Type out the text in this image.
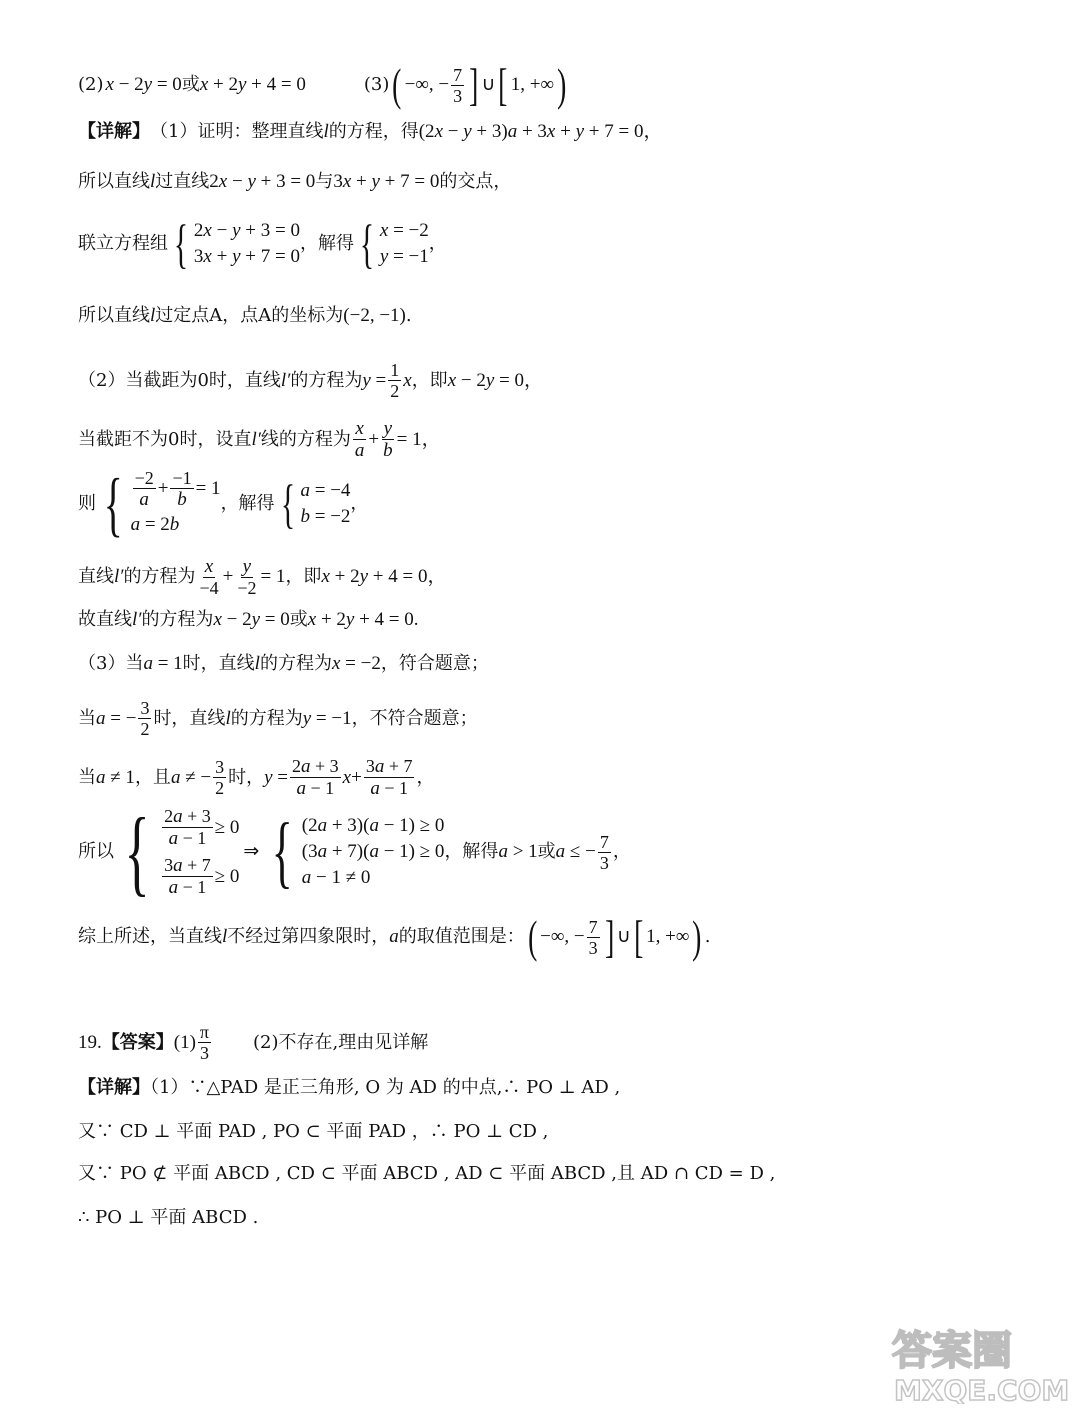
(2) x − 2y = 0 或 x + 2y + 4 = 0	(3) ( −∞, − $\frac{7}{3}$ ] ∪ [ 1, +∞ )
【详解】 （1）证明：整理直线 l 的方程，得 (2x − y + 3)a + 3x + y + 7 = 0，
所以直线 l 过直线 2x − y + 3 = 0 与 3x + y + 7 = 0 的交点，
联立方程组 { 2x − y + 3 = 0
3x + y + 7 = 0
，解得 { x = −2
y = −1
，
所以直线 l 过定点A，点A的坐标为 (−2, −1) .
（2）当截距为0时，直线 l′ 的方程为 $y = \frac{1}{2}$ x ，即 x − 2y = 0，
当截距不为0时，设直 l′ 线的方程为 $\frac{x}{a} + \frac{y}{b} = 1$，
则 { $\frac{-2}{a} + \frac{-1}{b} = 1$
a = 2b
，解得 { a = −4
b = −2
，
直线 l′ 的方程为 $\frac{x}{-4} + \frac{y}{-2} = 1$ ，即 x + 2y + 4 = 0，
故直线 l′ 的方程为 x − 2y = 0 或 x + 2y + 4 = 0.
（3）当 a = 1 时，直线 l 的方程为 x = −2 ，符合题意；
当 a = − $\frac{3}{2}$ 时，直线 l 的方程为 y = −1 ，不符合题意；
当 a ≠ 1 ，且 a ≠ − $\frac{3}{2}$ 时， $y = \frac{2a + 3}{a - 1}$ $x + \frac{3a + 7}{a - 1}$ ，
所以 { $\frac{2a + 3}{a - 1} \ge 0$
$\frac{3a + 7}{a - 1} \ge 0$
⇒ { (2a + 3)(a − 1) ≥ 0
(3a + 7)(a − 1) ≥ 0
a − 1 ≠ 0
，解得 a > 1 或 a ≤ − $\frac{7}{3}$ ，
综上所述，当直线 l 不经过第四象限时， a 的取值范围是： ( −∞, − $\frac{7}{3}$ ] ∪ [ 1, +∞ ) .
19. 【答案】 $(1) \frac{\pi}{3} (2)$不存在,理由见详解
【详解】（1）∵△PAD 是正三角形, O 为 AD 的中点,∴ PO ⊥ AD ,
又∵ CD ⊥ 平面 PAD , PO ⊂ 平面 PAD ，∴ PO ⊥ CD ,
又∵ PO ⊄ 平面 ABCD , CD ⊂ 平面 ABCD , AD ⊂ 平面 ABCD ,且 AD ∩ CD = D ,
∴ PO ⊥ 平面 ABCD .
答案圈
MXQE.COM
